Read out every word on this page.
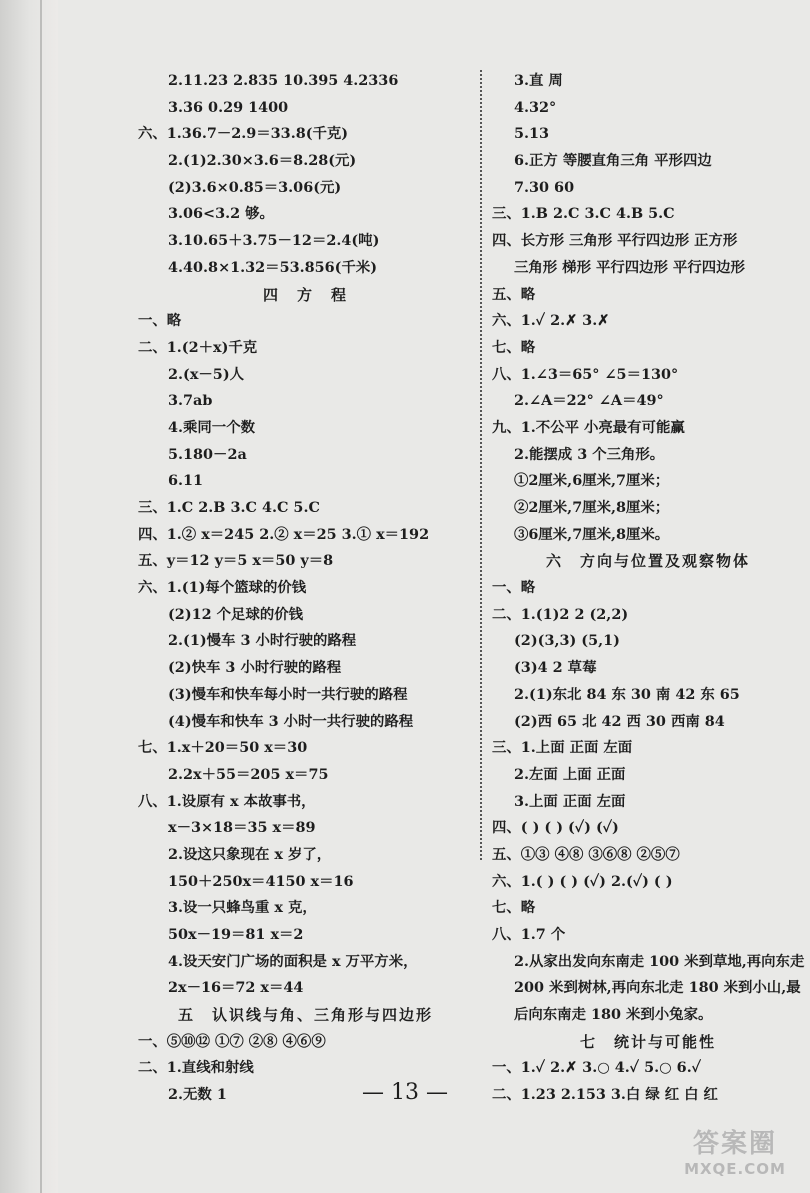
2.11.23 2.835 10.395 4.2336
3.36 0.29 1400
六、1.36.7－2.9＝33.8(千克)
2.(1)2.30×3.6＝8.28(元)
(2)3.6×0.85＝3.06(元)
3.06<3.2 够。
3.10.65＋3.75－12＝2.4(吨)
4.40.8×1.32＝53.856(千米)
四　方　程
一、略
二、1.(2＋x)千克
2.(x－5)人
3.7ab
4.乘同一个数
5.180－2a
6.11
三、1.C 2.B 3.C 4.C 5.C
四、1.② x＝245 2.② x＝25 3.① x＝192
五、y＝12 y＝5 x＝50 y＝8
六、1.(1)每个篮球的价钱
(2)12 个足球的价钱
2.(1)慢车 3 小时行驶的路程
(2)快车 3 小时行驶的路程
(3)慢车和快车每小时一共行驶的路程
(4)慢车和快车 3 小时一共行驶的路程
七、1.x＋20＝50 x＝30
2.2x＋55＝205 x＝75
八、1.设原有 x 本故事书，
x－3×18＝35 x＝89
2.设这只象现在 x 岁了，
150＋250x＝4150 x＝16
3.设一只蜂鸟重 x 克，
50x－19＝81 x＝2
4.设天安门广场的面积是 x 万平方米，
2x－16＝72 x＝44
五　认识线与角、三角形与四边形
一、⑤⑩⑫ ①⑦ ②⑧ ④⑥⑨
二、1.直线和射线
2.无数 1
3.直 周
4.32°
5.13
6.正方 等腰直角三角 平形四边
7.30 60
三、1.B 2.C 3.C 4.B 5.C
四、长方形 三角形 平行四边形 正方形
三角形 梯形 平行四边形 平行四边形
五、略
六、1.✓ 2.✗ 3.✗
七、略
八、1.∠3＝65° ∠5＝130°
2.∠A＝22° ∠A＝49°
九、1.不公平 小亮最有可能赢
2.能摆成 3 个三角形。
①2厘米,6厘米,7厘米；
②2厘米,7厘米,8厘米；
③6厘米,7厘米,8厘米。
六　方向与位置及观察物体
一、略
二、1.(1)2 2 (2,2)
(2)(3,3) (5,1)
(3)4 2 草莓
2.(1)东北 84 东 30 南 42 东 65
(2)西 65 北 42 西 30 西南 84
三、1.上面 正面 左面
2.左面 上面 正面
3.上面 正面 左面
四、( ) ( ) (✓) (✓)
五、①③ ④⑧ ③⑥⑧ ②⑤⑦
六、1.( ) ( ) (✓) 2.(✓) ( )
七、略
八、1.7 个
2.从家出发向东南走 100 米到草地,再向东走
200 米到树林,再向东北走 180 米到小山,最
后向东南走 180 米到小兔家。
七　统计与可能性
一、1.✓ 2.✗ 3.○ 4.✓ 5.○ 6.✓
二、1.23 2.153 3.白 绿 红 白 红
— 13 —
答案圈
MXQE.COM
